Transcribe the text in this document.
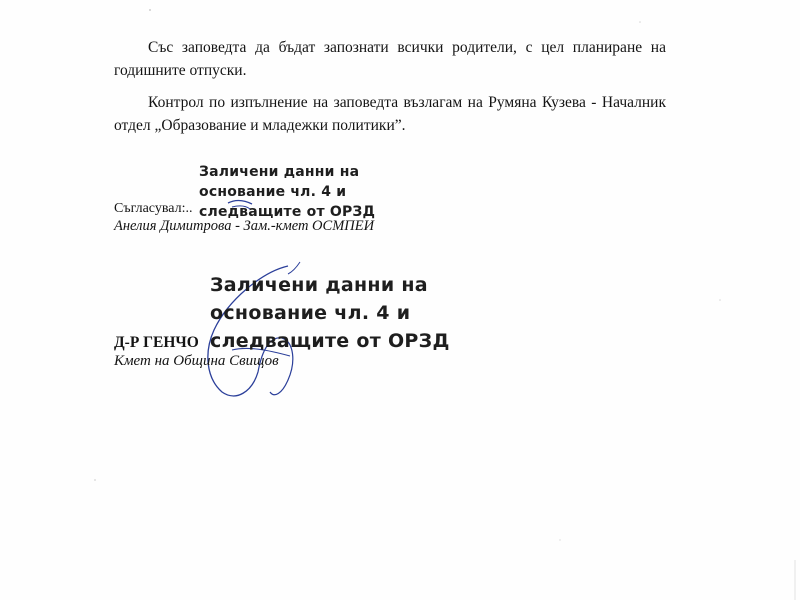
Със заповедта да бъдат запознати всички родители, с цел планиране на годишните отпуски.

Контрол по изпълнение на заповедта възлагам на Румяна Кузева - Началник отдел „Образование и младежки политики”.

Съгласувал:..
Анелия Димитрова - Зам.-кмет ОСМПЕИ
Заличени данни на
основание чл. 4 и
следващите от ОРЗД
Заличени данни на
основание чл. 4 и
следващите от ОРЗД
Д-Р ГЕНЧО
Кмет на Община Свищов
